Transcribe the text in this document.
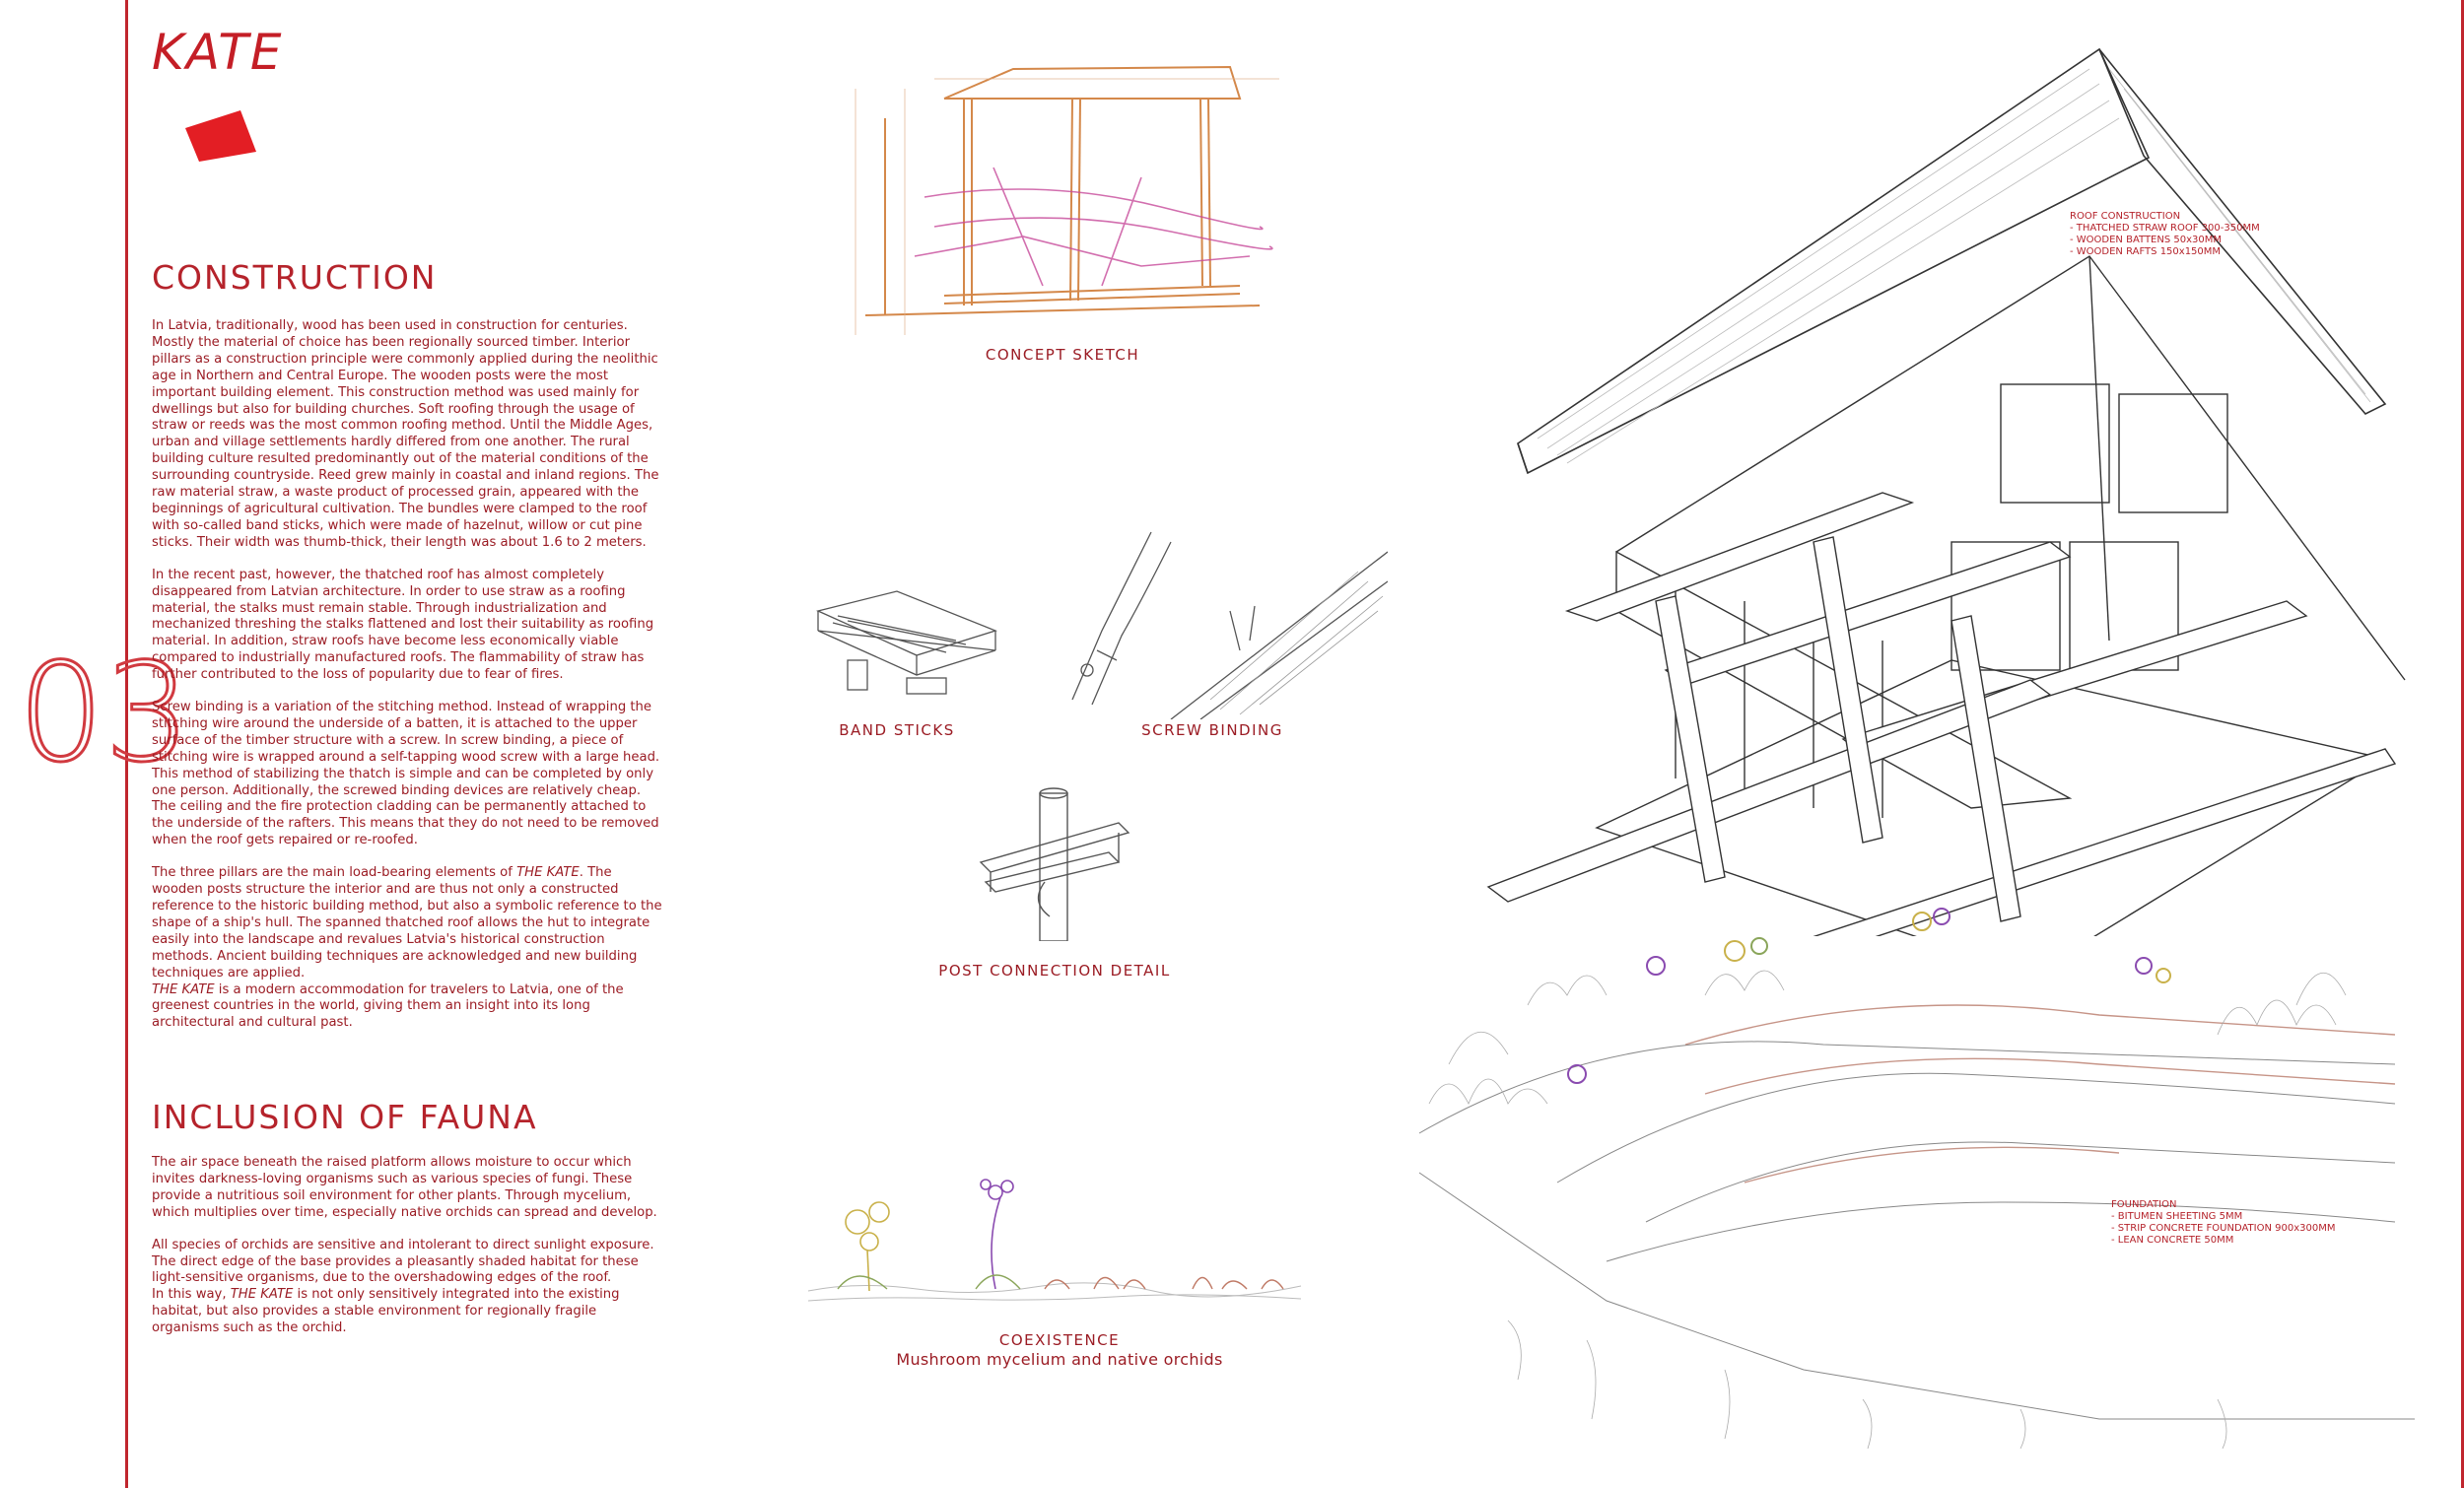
KATE
03
CONSTRUCTION

In Latvia, traditionally, wood has been used in construction for centuries. Mostly the material of choice has been regionally sourced timber. Interior pillars as a construction principle were commonly applied during the neolithic age in Northern and Central Europe. The wooden posts were the most important building element. This construction method was used mainly for dwellings but also for building churches. Soft roofing through the usage of straw or reeds was the most common roofing method. Until the Middle Ages, urban and village settlements hardly differed from one another. The rural building culture resulted predominantly out of the material conditions of the surrounding countryside. Reed grew mainly in coastal and inland regions. The raw material straw, a waste product of processed grain, appeared with the beginnings of agricultural cultivation. The bundles were clamped to the roof with so-called band sticks, which were made of hazelnut, willow or cut pine sticks. Their width was thumb-thick, their length was about 1.6 to 2 meters.

In the recent past, however, the thatched roof has almost completely disappeared from Latvian architecture. In order to use straw as a roofing material, the stalks must remain stable. Through industrialization and mechanized threshing the stalks flattened and lost their suitability as roofing material. In addition, straw roofs have become less economically viable compared to industrially manufactured roofs. The flammability of straw has further contributed to the loss of popularity due to fear of fires.

Screw binding is a variation of the stitching method. Instead of wrapping the stitching wire around the underside of a batten, it is attached to the upper surface of the timber structure with a screw. In screw binding, a piece of stitching wire is wrapped around a self-tapping wood screw with a large head. This method of stabilizing the thatch is simple and can be completed by only one person. Additionally, the screwed binding devices are relatively cheap. The ceiling and the fire protection cladding can be permanently attached to the underside of the rafters. This means that they do not need to be removed when the roof gets repaired or re-roofed.

The three pillars are the main load-bearing elements of THE KATE. The wooden posts structure the interior and are thus not only a constructed reference to the historic building method, but also a symbolic reference to the shape of a ship's hull. The spanned thatched roof allows the hut to integrate easily into the landscape and revalues Latvia's historical construction methods. Ancient building techniques are acknowledged and new building techniques are applied.

THE KATE is a modern accommodation for travelers to Latvia, one of the greenest countries in the world, giving them an insight into its long architectural and cultural past.

INCLUSION OF FAUNA

The air space beneath the raised platform allows moisture to occur which invites darkness-loving organisms such as various species of fungi. These provide a nutritious soil environment for other plants. Through mycelium, which multiplies over time, especially native orchids can spread and develop.

All species of orchids are sensitive and intolerant to direct sunlight exposure. The direct edge of the base provides a pleasantly shaded habitat for these light-sensitive organisms, due to the overshadowing edges of the roof.

In this way, THE KATE is not only sensitively integrated into the existing habitat, but also provides a stable environment for regionally fragile organisms such as the orchid.

CONCEPT SKETCH
BAND STICKS	SCREW BINDING
POST CONNECTION DETAIL
COEXISTENCE
Mushroom mycelium and native orchids
ROOF CONSTRUCTION
- THATCHED STRAW ROOF 300-350MM
- WOODEN BATTENS 50x30MM
- WOODEN RAFTS 150x150MM
FOUNDATION
- BITUMEN SHEETING 5MM
- STRIP CONCRETE FOUNDATION 900x300MM
- LEAN CONCRETE 50MM
